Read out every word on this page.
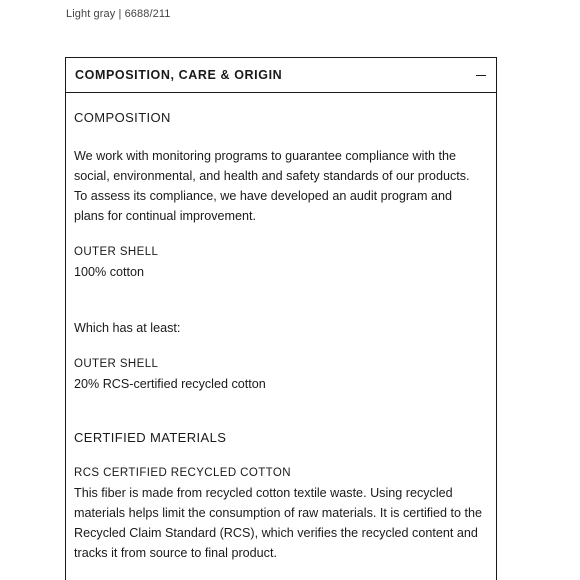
Light gray | 6688/211
COMPOSITION, CARE & ORIGIN
COMPOSITION

We work with monitoring programs to guarantee compliance with the social, environmental, and health and safety standards of our products. To assess its compliance, we have developed an audit program and plans for continual improvement.

OUTER SHELL
100% cotton
Which has at least:
OUTER SHELL
20% RCS-certified recycled cotton
CERTIFIED MATERIALS
RCS CERTIFIED RECYCLED COTTON

This fiber is made from recycled cotton textile waste. Using recycled materials helps limit the consumption of raw materials. It is certified to the Recycled Claim Standard (RCS), which verifies the recycled content and tracks it from source to final product.
